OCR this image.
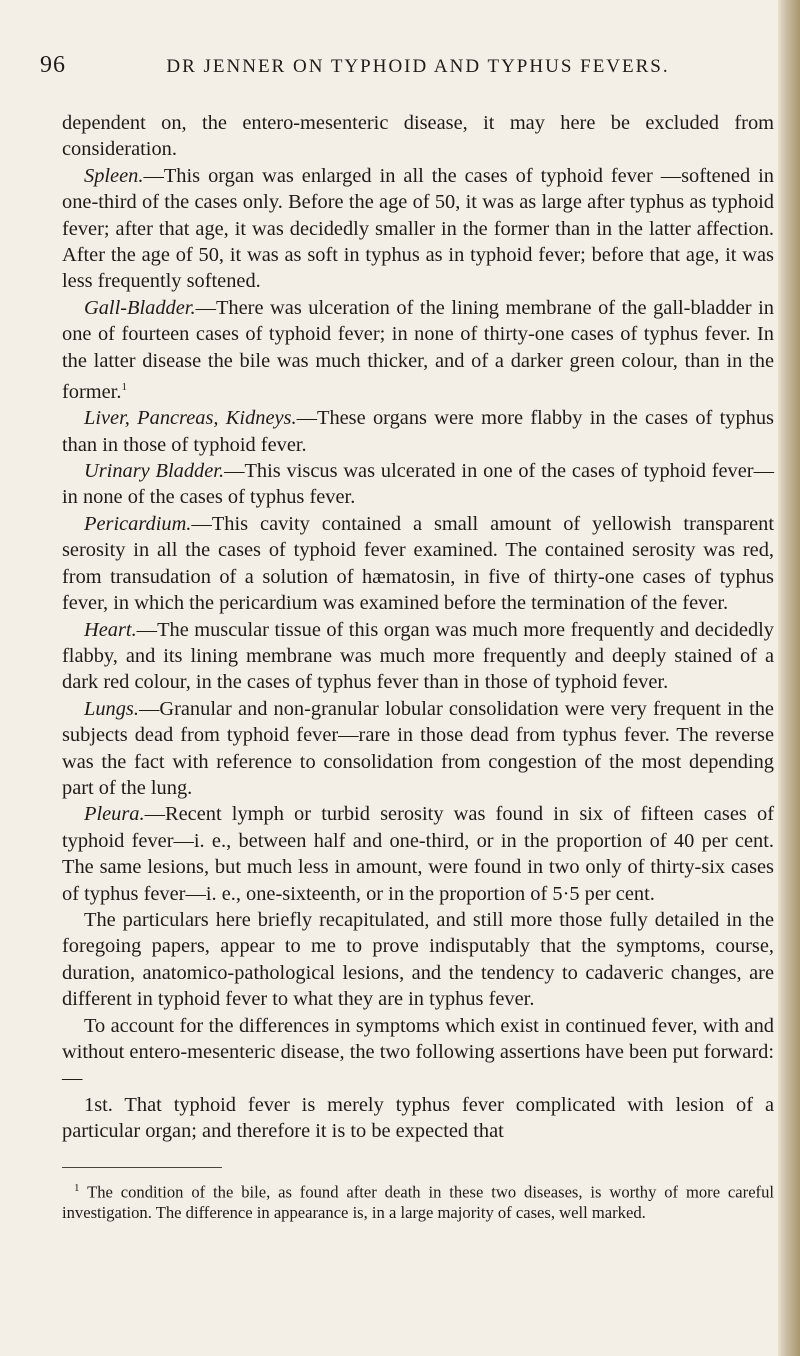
96	DR JENNER ON TYPHOID AND TYPHUS FEVERS.

dependent on, the entero-mesenteric disease, it may here be excluded from consideration.

Spleen.—This organ was enlarged in all the cases of typhoid fever —softened in one-third of the cases only. Before the age of 50, it was as large after typhus as typhoid fever; after that age, it was decidedly smaller in the former than in the latter affection. After the age of 50, it was as soft in typhus as in typhoid fever; before that age, it was less frequently softened.

Gall-Bladder.—There was ulceration of the lining membrane of the gall-bladder in one of fourteen cases of typhoid fever; in none of thirty-one cases of typhus fever. In the latter disease the bile was much thicker, and of a darker green colour, than in the former.$^1$

Liver, Pancreas, Kidneys.—These organs were more flabby in the cases of typhus than in those of typhoid fever.

Urinary Bladder.—This viscus was ulcerated in one of the cases of typhoid fever—in none of the cases of typhus fever.

Pericardium.—This cavity contained a small amount of yellowish transparent serosity in all the cases of typhoid fever examined. The contained serosity was red, from transudation of a solution of hæmatosin, in five of thirty-one cases of typhus fever, in which the pericardium was examined before the termination of the fever.

Heart.—The muscular tissue of this organ was much more frequently and decidedly flabby, and its lining membrane was much more frequently and deeply stained of a dark red colour, in the cases of typhus fever than in those of typhoid fever.

Lungs.—Granular and non-granular lobular consolidation were very frequent in the subjects dead from typhoid fever—rare in those dead from typhus fever. The reverse was the fact with reference to consolidation from congestion of the most depending part of the lung.

Pleura.—Recent lymph or turbid serosity was found in six of fifteen cases of typhoid fever—i. e., between half and one-third, or in the proportion of 40 per cent. The same lesions, but much less in amount, were found in two only of thirty-six cases of typhus fever—i. e., one-sixteenth, or in the proportion of 5·5 per cent.

The particulars here briefly recapitulated, and still more those fully detailed in the foregoing papers, appear to me to prove indisputably that the symptoms, course, duration, anatomico-pathological lesions, and the tendency to cadaveric changes, are different in typhoid fever to what they are in typhus fever.

To account for the differences in symptoms which exist in continued fever, with and without entero-mesenteric disease, the two following assertions have been put forward:—

1st. That typhoid fever is merely typhus fever complicated with lesion of a particular organ; and therefore it is to be expected that

$^1$ The condition of the bile, as found after death in these two diseases, is worthy of more careful investigation. The difference in appearance is, in a large majority of cases, well marked.
